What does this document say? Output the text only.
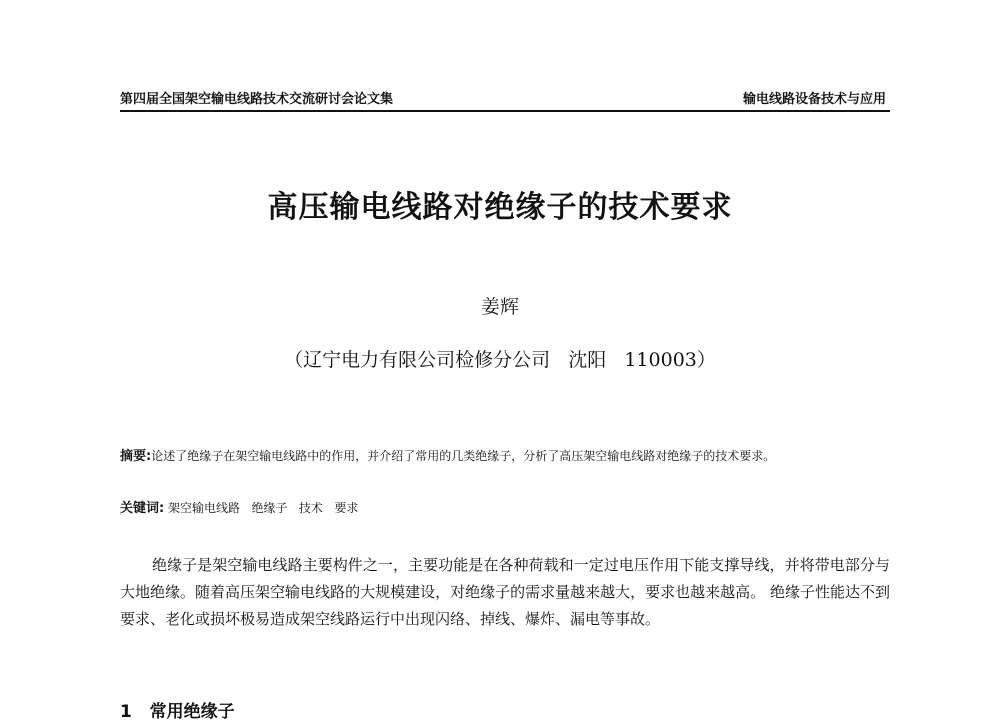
第四届全国架空输电线路技术交流研讨会论文集	输电线路设备技术与应用
高压输电线路对绝缘子的技术要求
姜辉
（辽宁电力有限公司检修分公司   沈阳   110003）
摘要:论述了绝缘子在架空输电线路中的作用，并介绍了常用的几类绝缘子，分析了高压架空输电线路对绝缘子的技术要求。
关键词: 架空输电线路   绝缘子   技术   要求
绝缘子是架空输电线路主要构件之一，主要功能是在各种荷载和一定过电压作用下能支撑导线，并将带电部分与大地绝缘。随着高压架空输电线路的大规模建设，对绝缘子的需求量越来越大，要求也越来越高。 绝缘子性能达不到要求、老化或损坏极易造成架空线路运行中出现闪络、掉线、爆炸、漏电等事故。
1   常用绝缘子
